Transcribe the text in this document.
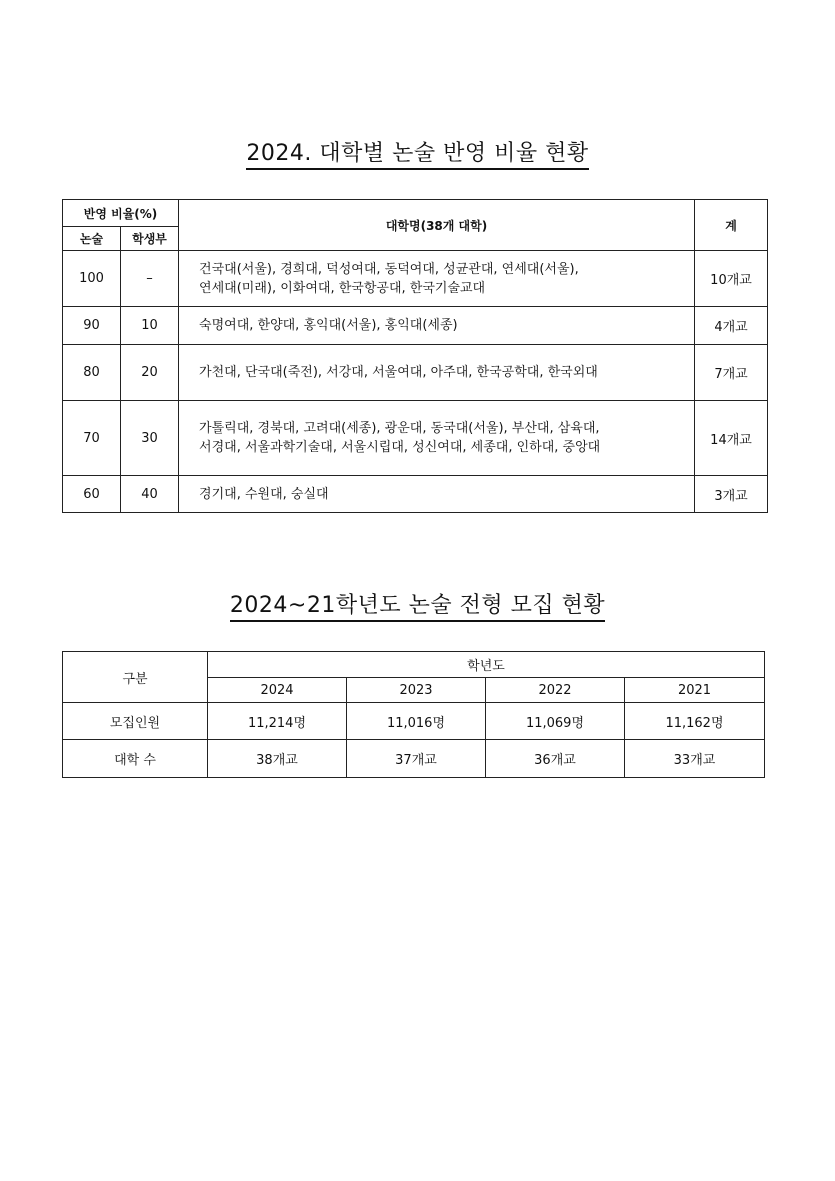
2024. 대학별 논술 반영 비율 현황
반영 비율(%)		대학명(38개 대학)	계
논술	학생부		
100	–	건국대(서울), 경희대, 덕성여대, 동덕여대, 성균관대, 연세대(서울),
연세대(미래), 이화여대, 한국항공대, 한국기술교대	10개교
90	10	숙명여대, 한양대, 홍익대(서울), 홍익대(세종)	4개교
80	20	가천대, 단국대(죽전), 서강대, 서울여대, 아주대, 한국공학대, 한국외대	7개교
70	30	가톨릭대, 경북대, 고려대(세종), 광운대, 동국대(서울), 부산대, 삼육대,
서경대, 서울과학기술대, 서울시립대, 성신여대, 세종대, 인하대, 중앙대	14개교
60	40	경기대, 수원대, 숭실대	3개교
2024~21학년도 논술 전형 모집 현황
구분	학년도			
	2024	2023	2022	2021
모집인원	11,214명	11,016명	11,069명	11,162명
대학 수	38개교	37개교	36개교	33개교
